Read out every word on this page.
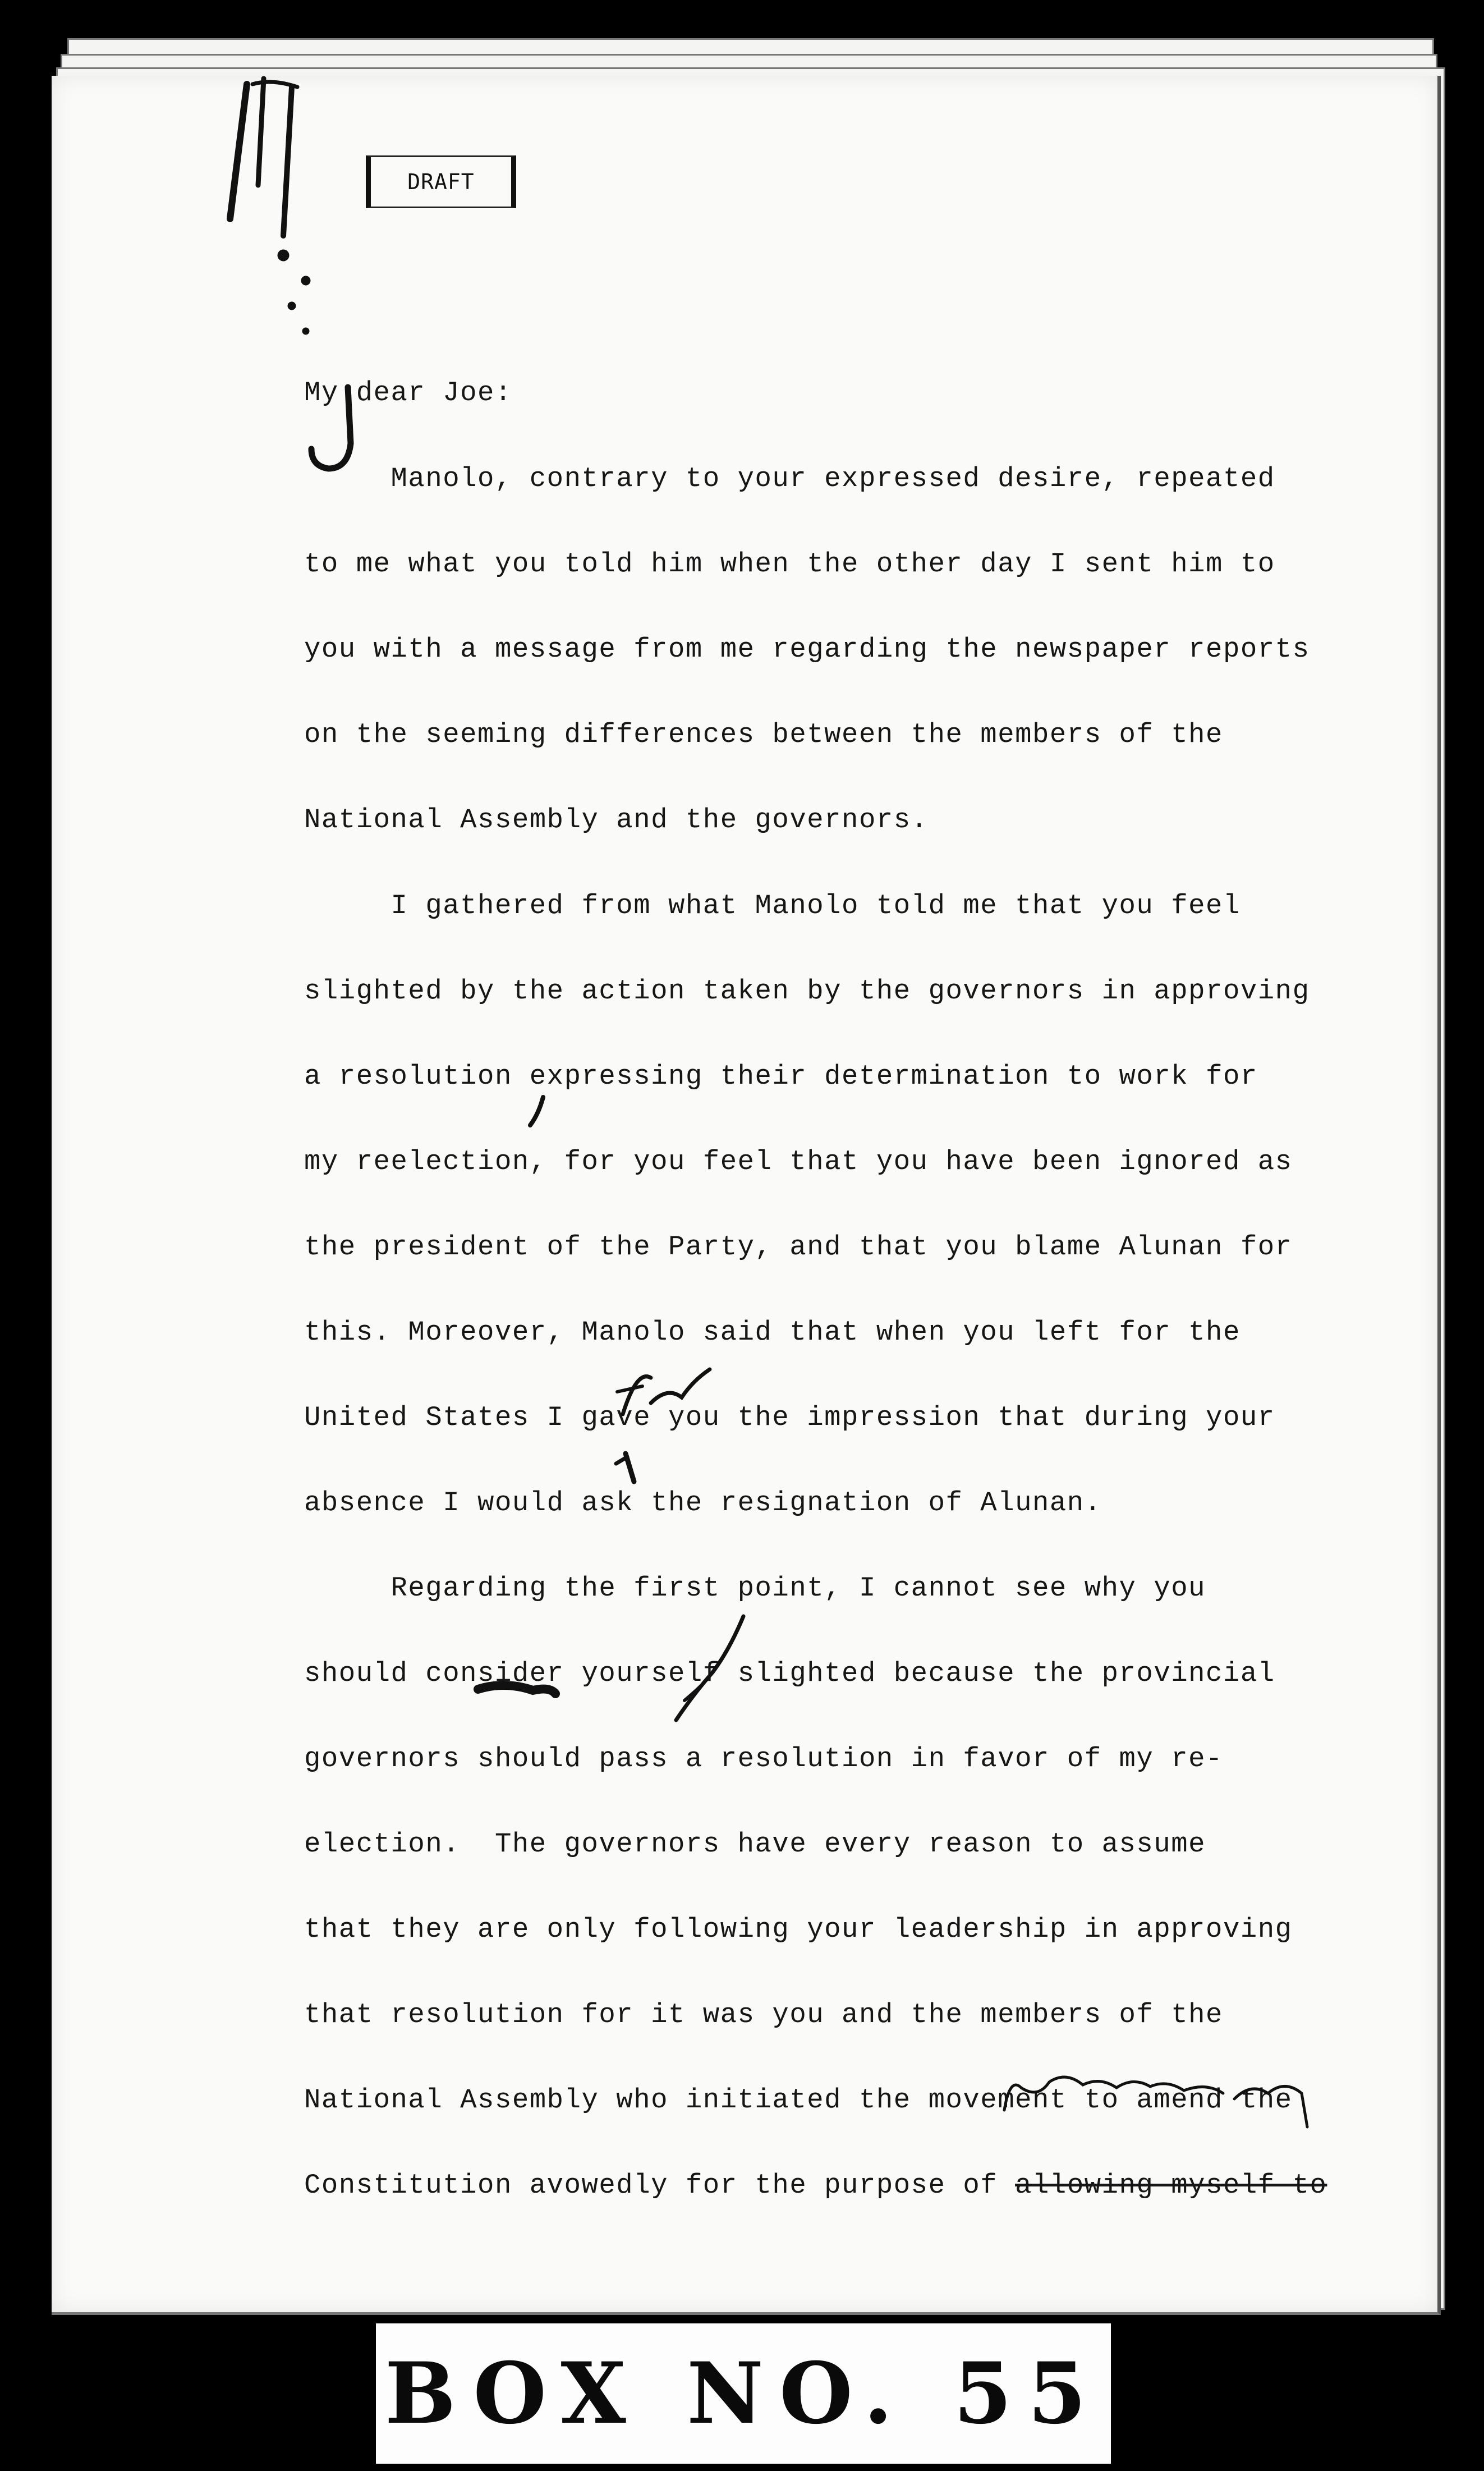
DRAFT
My dear Joe:
Manolo, contrary to your expressed desire, repeated
to me what you told him when the other day I sent him to
you with a message from me regarding the newspaper reports
on the seeming differences between the members of the
National Assembly and the governors.
I gathered from what Manolo told me that you feel
slighted by the action taken by the governors in approving
a resolution expressing their determination to work for
my reelection, for you feel that you have been ignored as
the president of the Party, and that you blame Alunan for
this. Moreover, Manolo said that when you left for the
United States I gave you the impression that during your
absence I would ask the resignation of Alunan.
Regarding the first point, I cannot see why you
should consider yourself slighted because the provincial
governors should pass a resolution in favor of my re-
election.  The governors have every reason to assume
that they are only following your leadership in approving
that resolution for it was you and the members of the
National Assembly who initiated the movement to amend the
Constitution avowedly for the purpose of allowing myself to
BOX NO. 55
